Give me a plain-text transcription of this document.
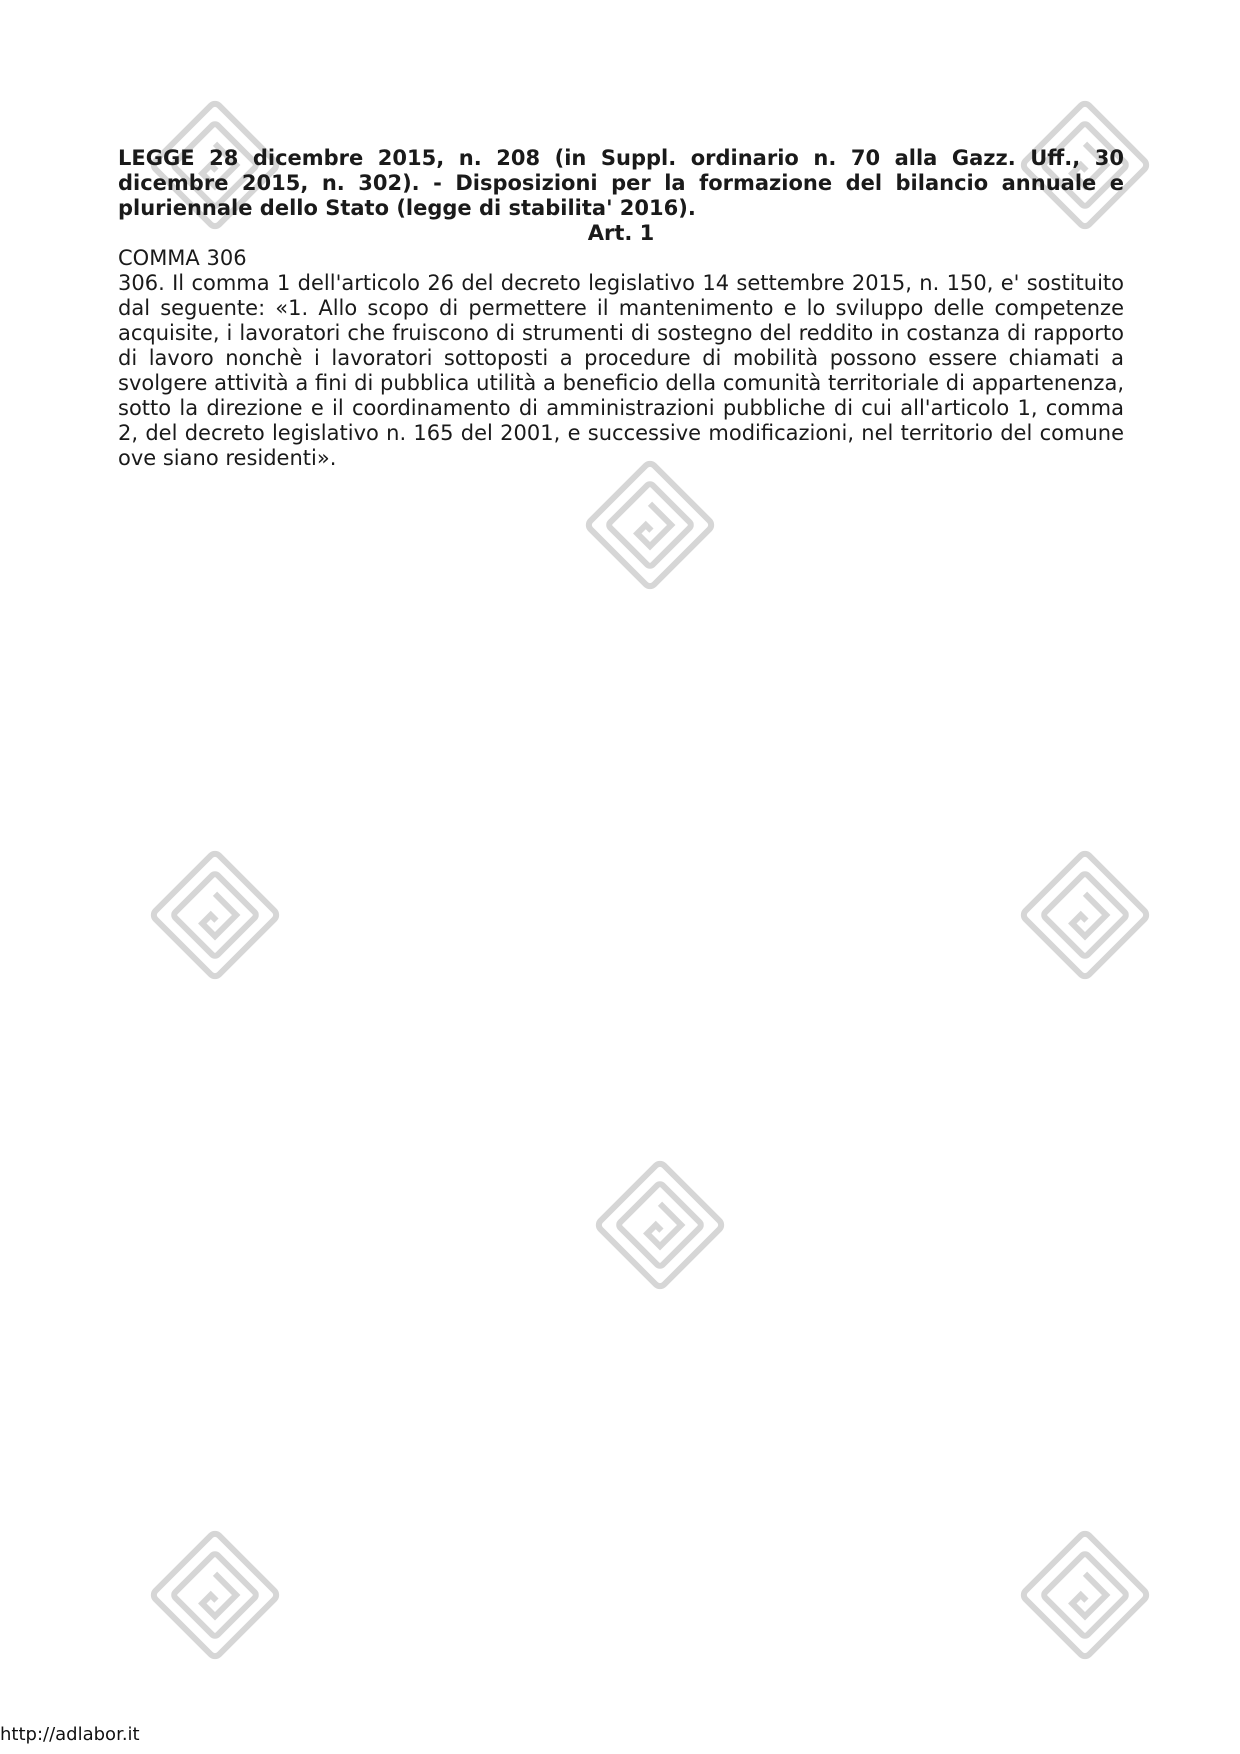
LEGGE 28 dicembre 2015, n. 208 (in Suppl. ordinario n. 70 alla Gazz. Uff., 30 dicembre 2015, n. 302). - Disposizioni per la formazione del bilancio annuale e pluriennale dello Stato (legge di stabilita' 2016).

Art. 1

COMMA 306

306. Il comma 1 dell'articolo 26 del decreto legislativo 14 settembre 2015, n. 150, e' sostituito dal seguente: «1. Allo scopo di permettere il mantenimento e lo sviluppo delle competenze acquisite, i lavoratori che fruiscono di strumenti di sostegno del reddito in costanza di rapporto di lavoro nonchè i lavoratori sottoposti a procedure di mobilità possono essere chiamati a svolgere attività a fini di pubblica utilità a beneficio della comunità territoriale di appartenenza, sotto la direzione e il coordinamento di amministrazioni pubbliche di cui all'articolo 1, comma 2, del decreto legislativo n. 165 del 2001, e successive modificazioni, nel territorio del comune ove siano residenti».

http://adlabor.it
